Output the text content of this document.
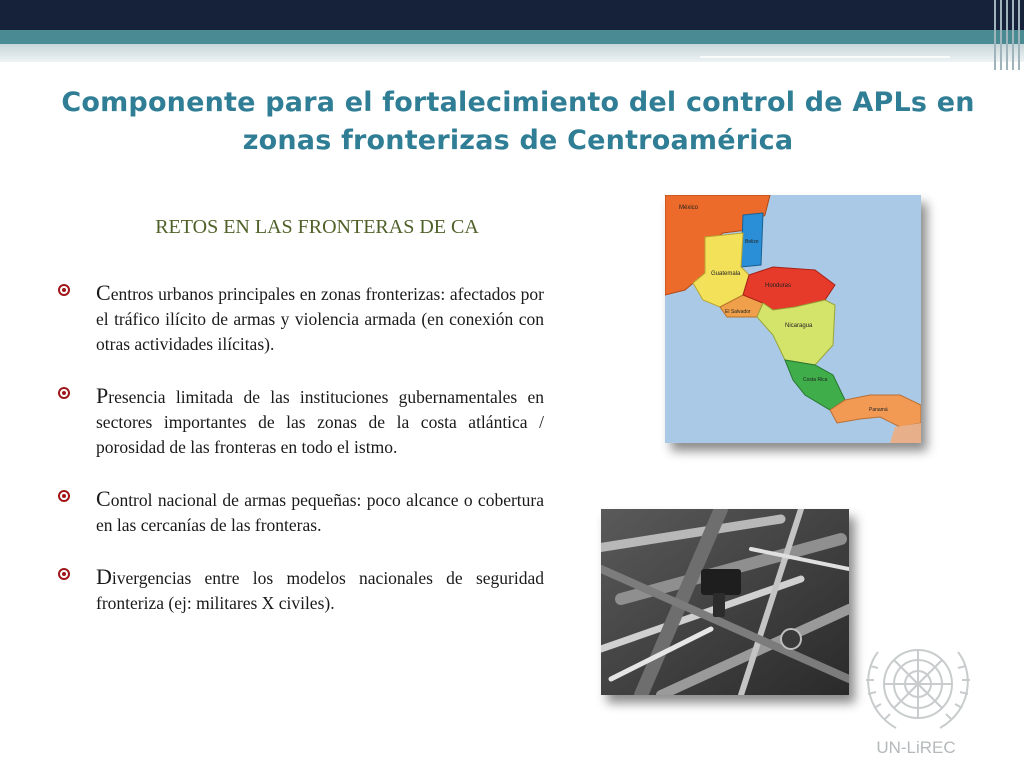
Componente para el fortalecimiento del control de APLs en zonas fronterizas de Centroamérica
RETOS EN LAS FRONTERAS DE CA
Centros urbanos principales en zonas fronterizas: afectados por el tráfico ilícito de armas y violencia armada (en conexión con otras actividades ilícitas).
Presencia limitada de las instituciones gubernamentales en sectores importantes de las zonas de la costa atlántica / porosidad de las fronteras en todo el istmo.
Control nacional de armas pequeñas: poco alcance o cobertura en las cercanías de las fronteras.
Divergencias entre los modelos nacionales de seguridad fronteriza (ej: militares X civiles).
México
Belize
Guatemala
Honduras
El Salvador
Nicaragua
Costa Rica
Panamá
UN-LiREC
